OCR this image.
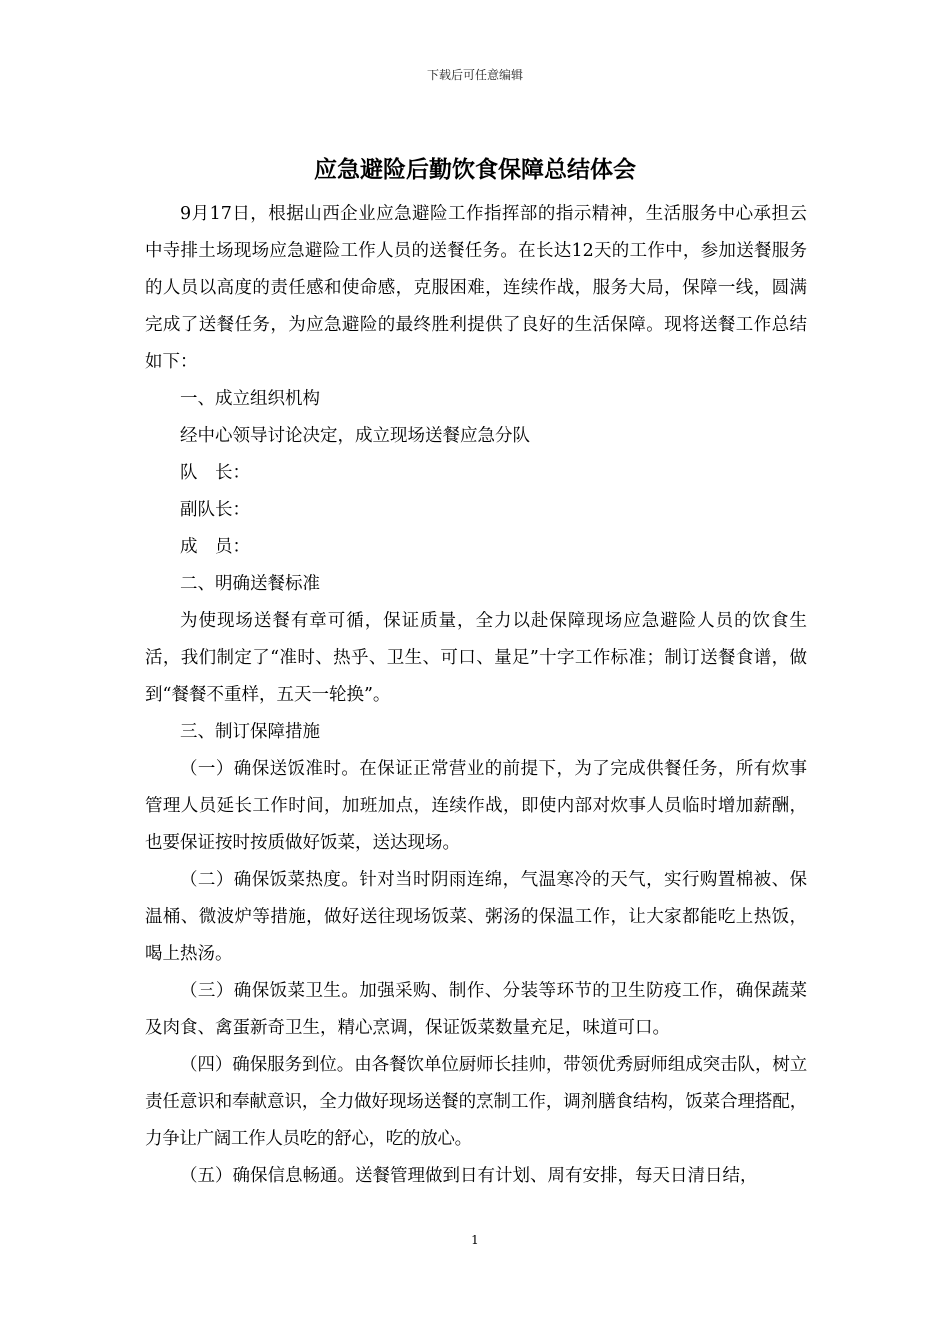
下载后可任意编辑
应急避险后勤饮食保障总结体会

9月17日，根据山西企业应急避险工作指挥部的指示精神，生活服务中心承担云中寺排土场现场应急避险工作人员的送餐任务。在长达12天的工作中，参加送餐服务的人员以高度的责任感和使命感，克服困难，连续作战，服务大局，保障一线，圆满完成了送餐任务，为应急避险的最终胜利提供了良好的生活保障。现将送餐工作总结如下：

一、成立组织机构

经中心领导讨论决定，成立现场送餐应急分队

队　长：

副队长：

成　员：

二、明确送餐标准

为使现场送餐有章可循，保证质量，全力以赴保障现场应急避险人员的饮食生活，我们制定了“准时、热乎、卫生、可口、量足”十字工作标准；制订送餐食谱，做到“餐餐不重样，五天一轮换”。

三、制订保障措施

（一）确保送饭准时。在保证正常营业的前提下，为了完成供餐任务，所有炊事管理人员延长工作时间，加班加点，连续作战，即使内部对炊事人员临时增加薪酬，也要保证按时按质做好饭菜，送达现场。

（二）确保饭菜热度。针对当时阴雨连绵，气温寒冷的天气，实行购置棉被、保温桶、微波炉等措施，做好送往现场饭菜、粥汤的保温工作，让大家都能吃上热饭，喝上热汤。

（三）确保饭菜卫生。加强采购、制作、分装等环节的卫生防疫工作，确保蔬菜及肉食、禽蛋新奇卫生，精心烹调，保证饭菜数量充足，味道可口。

（四）确保服务到位。由各餐饮单位厨师长挂帅，带领优秀厨师组成突击队，树立责任意识和奉献意识，全力做好现场送餐的烹制工作，调剂膳食结构，饭菜合理搭配，力争让广阔工作人员吃的舒心，吃的放心。

（五）确保信息畅通。送餐管理做到日有计划、周有安排，每天日清日结，

1
